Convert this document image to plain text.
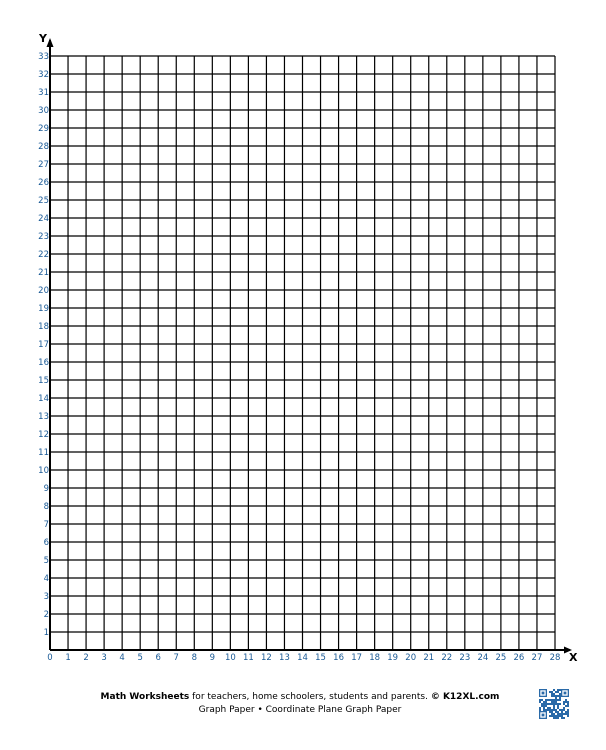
X
Y
0 1 2 3 4 5 6 7 8 9 10 11 12 13 14 15 16 17 18 19 20 21 22 23 24 25 26 27 28
1
2
3
4
5
6
7
8
9
10
11
12
13
14
15
16
17
18
19
20
21
22
23
24
25
26
27
28
29
30
31
32
33
Math Worksheets for teachers, home schoolers, students and parents. © K12XL.com
Graph Paper • Coordinate Plane Graph Paper
